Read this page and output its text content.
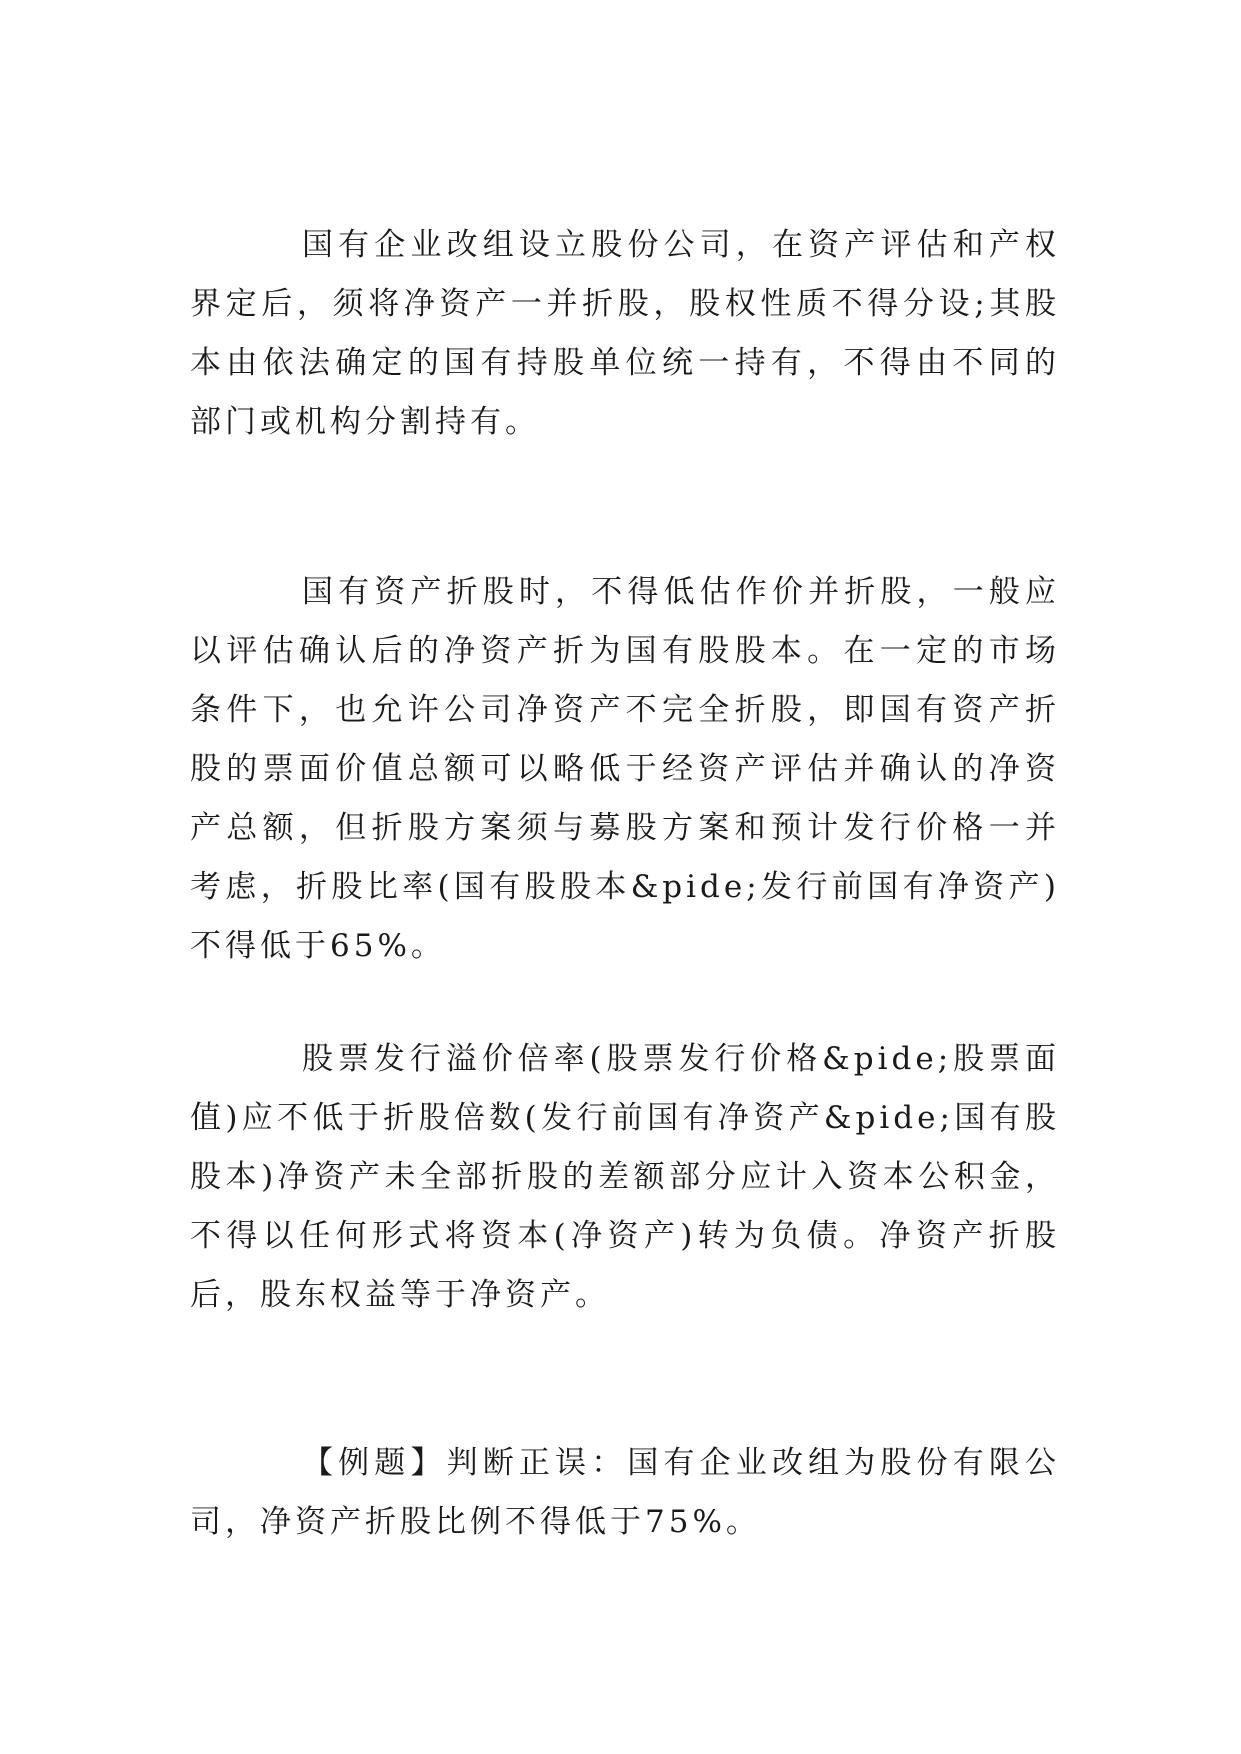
国有企业改组设立股份公司，在资产评估和产权界定后，须将净资产一并折股，股权性质不得分设;其股本由依法确定的国有持股单位统一持有，不得由不同的部门或机构分割持有。

国有资产折股时，不得低估作价并折股，一般应以评估确认后的净资产折为国有股股本。在一定的市场条件下，也允许公司净资产不完全折股，即国有资产折股的票面价值总额可以略低于经资产评估并确认的净资产总额，但折股方案须与募股方案和预计发行价格一并考虑，折股比率(国有股股本&pide;发行前国有净资产)不得低于65%。

股票发行溢价倍率(股票发行价格&pide;股票面值)应不低于折股倍数(发行前国有净资产&pide;国有股股本)净资产未全部折股的差额部分应计入资本公积金，不得以任何形式将资本(净资产)转为负债。净资产折股后，股东权益等于净资产。

【例题】判断正误：国有企业改组为股份有限公司，净资产折股比例不得低于75%。
